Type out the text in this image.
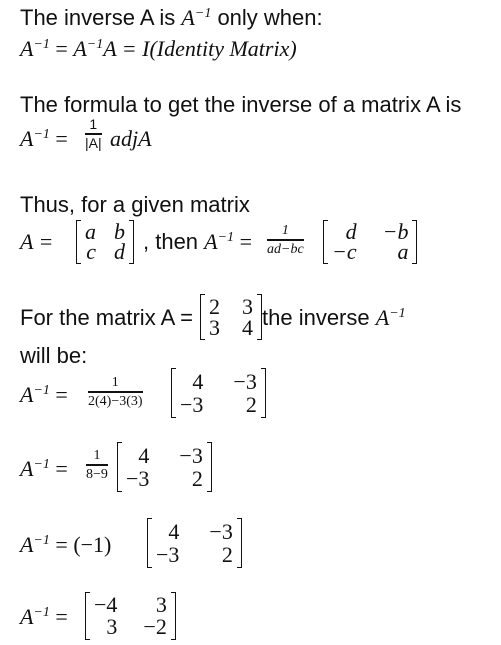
The inverse A is $A^{-1}$ only when:
$A^{-1} = A^{-1}A$ = I(Identity Matrix)
The formula to get the inverse of a matrix A is
$A^{-1}$ =
1
|A| adjA
Thus, for a given matrix
A = a b
c d , then $A^{-1} = 1$
ad−bc
d −b
−c	a
For the matrix A = 2 3
3 4 the inverse $A^{-1}$
will be:
$A^{-1}$ =	1
2(4)−3(3)
4 −3
−3	2
$A^{-1}$ =
1
8−9
4 −3
−3	2
$A^{-1} = (-1)$
4 −3
−3	2
$A^{-1} = -4$	3
3 −2
